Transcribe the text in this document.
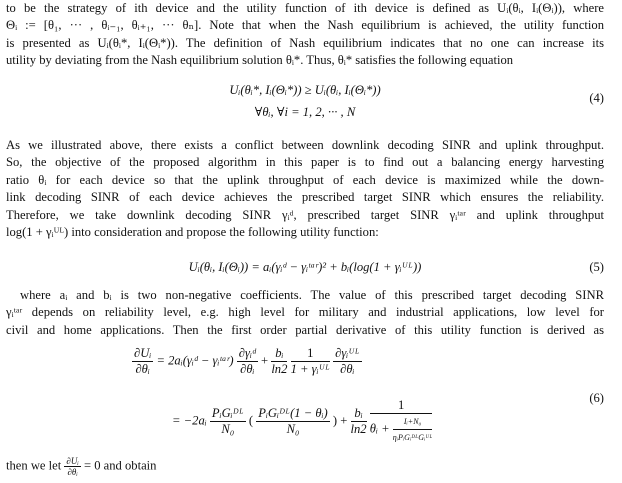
to be the strategy of ith device and the utility function of ith device is defined as Uᵢ(θᵢ, Iᵢ(Θᵢ)), where
Θᵢ := [θ₁, ··· , θᵢ₋₁, θᵢ₊₁, ··· θₙ]. Note that when the Nash equilibrium is achieved, the utility function
is presented as Uᵢ(θᵢ*, Iᵢ(Θᵢ*)). The definition of Nash equilibrium indicates that no one can increase its
utility by deviating from the Nash equilibrium solution θᵢ*. Thus, θᵢ* satisfies the following equation
Uᵢ(θᵢ*, Iᵢ(Θᵢ*)) ≥ Uᵢ(θᵢ, Iᵢ(Θᵢ*))
∀θᵢ, ∀i = 1, 2, ··· , N
(4)
As we illustrated above, there exists a conflict between downlink decoding SINR and uplink throughput.
So, the objective of the proposed algorithm in this paper is to find out a balancing energy harvesting
ratio θᵢ for each device so that the uplink throughput of each device is maximized while the down-
link decoding SINR of each device achieves the prescribed target SINR which ensures the reliability.
Therefore, we take downlink decoding SINR γᵢᵈ, prescribed target SINR γᵢᵗᵃʳ and uplink throughput
log(1 + γᵢᵁᴸ) into consideration and propose the following utility function:
Uᵢ(θᵢ, Iᵢ(Θᵢ)) = aᵢ(γᵢᵈ − γᵢᵗᵃʳ)² + bᵢ(log(1 + γᵢᵁᴸ))	(5)
where aᵢ and bᵢ is two non-negative coefficients. The value of this prescribed target decoding SINR
γᵢᵗᵃʳ depends on reliability level, e.g. high level for military and industrial applications, low level for
civil and home applications. Then the first order partial derivative of this utility function is derived as
$\frac{\text{∂Uᵢ}}{\text{∂θᵢ}}$ = 2aᵢ(γᵢᵈ − γᵢᵗᵃʳ) $\frac{\text{∂γᵢᵈ}}{\text{∂θᵢ}} + \frac{\text{bᵢ}}{\ln 2}$
$\frac{1}{\text{1 + γᵢᵁᴸ}}$
$\frac{\text{∂γᵢᵁᴸ}}{\text{∂θᵢ}}$
(6)
= −2aᵢ $\frac{\text{PᵢGᵢᴰᴸ}}{\text{N₀}}$ ( $\frac{\text{PᵢGᵢᴰᴸ(1 − θᵢ)}}{\text{N₀}}$ ) + $\frac{\text{bᵢ}}{\ln 2}$
$\frac{1}{\theta ᵢ + \frac{\text{Iᵢ+N₀}}{\text{ηᵢPᵢGᵢᴰᴸGᵢᵁᴸ}}}$
then we let $\frac{\text{∂Uᵢ}}{\text{∂θᵢ}} = 0$ and obtain
